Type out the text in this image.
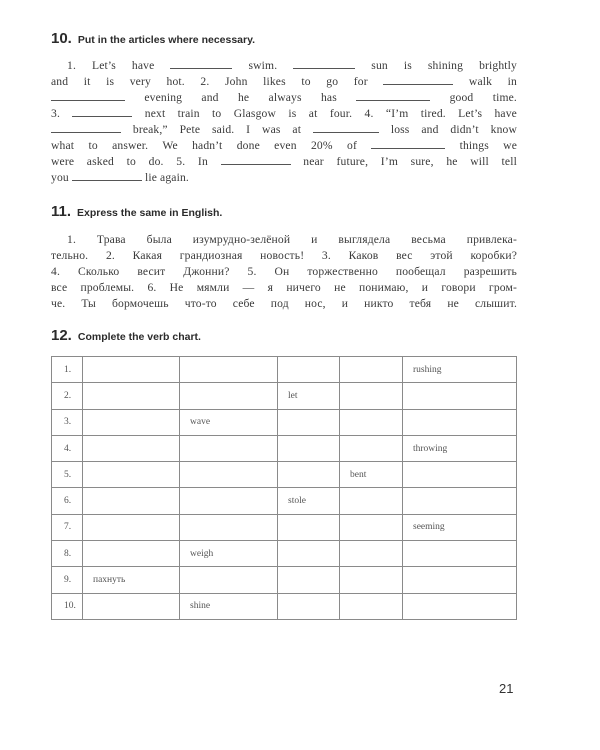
10. Put in the articles where necessary.
1. Let’s have	swim.	sun is shining brightly
and it is very hot. 2. John likes to go for	walk in
evening and he always has	good time.
3.	next train to Glasgow is at four. 4. “I’m tired. Let’s have
break,” Pete said. I was at	loss and didn’t know
what to answer. We hadn’t done even 20% of	things we
were asked to do. 5. In	near future, I’m sure, he will tell
you	lie again.
11. Express the same in English.
1. Трава была изумрудно-зелёной и выглядела весьма привлека-
тельно. 2. Какая грандиозная новость! 3. Каков вес этой коробки?
4. Сколько весит Джонни? 5. Он торжественно пообещал разрешить
все проблемы. 6. Не мямли — я ничего не понимаю, и говори гром-
че. Ты бормочешь что-то себе под нос, и никто тебя не слышит.
12. Complete the verb chart.
1.					rushing
2.			let		
3.		wave			
4.					throwing
5.				bent	
6.			stole		
7.					seeming
8.		weigh			
9.	пахнуть				
10.		shine			
21
